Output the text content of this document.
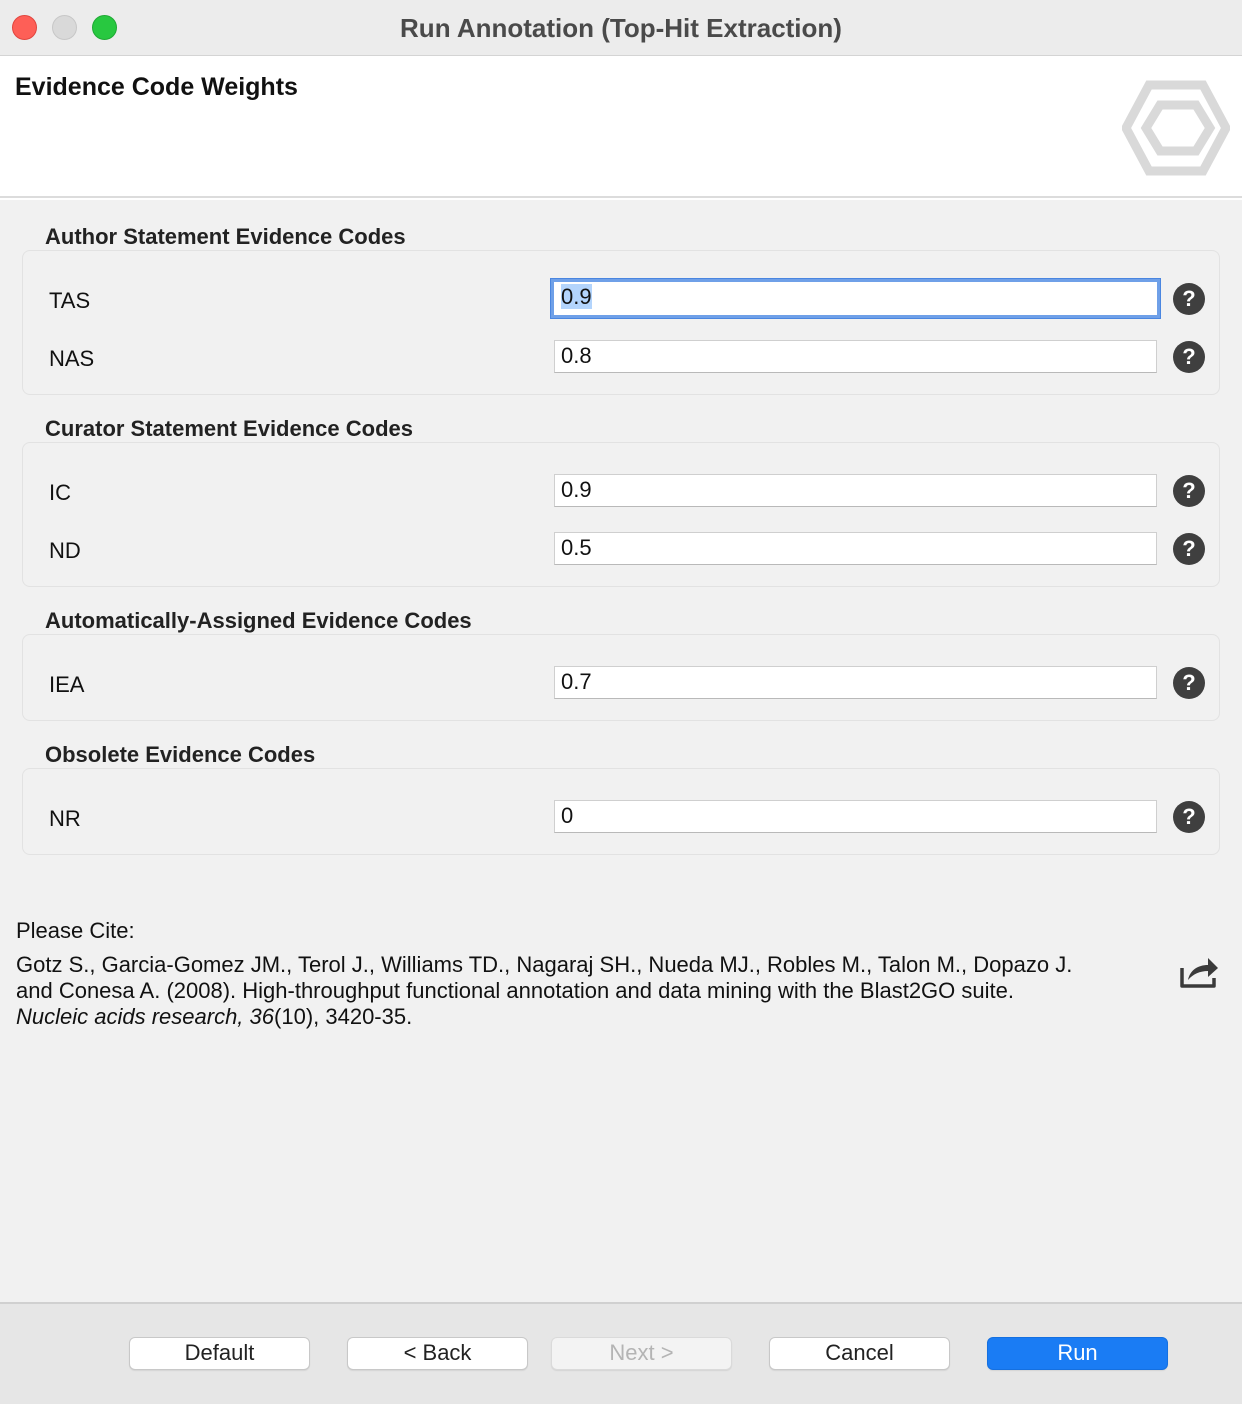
Run Annotation (Top-Hit Extraction)
Evidence Code Weights
Author Statement Evidence Codes
TAS	0.9	?
NAS	0.8	?
Curator Statement Evidence Codes
IC	0.9	?
ND	0.5	?
Automatically-Assigned Evidence Codes
IEA	0.7	?
Obsolete Evidence Codes
NR	0	?
Please Cite:
Gotz S., Garcia-Gomez JM., Terol J., Williams TD., Nagaraj SH., Nueda MJ., Robles M., Talon M., Dopazo J.
and Conesa A. (2008). High-throughput functional annotation and data mining with the Blast2GO suite.
Nucleic acids research, 36(10), 3420-35.
Default	< Back	Next >	Cancel	Run
